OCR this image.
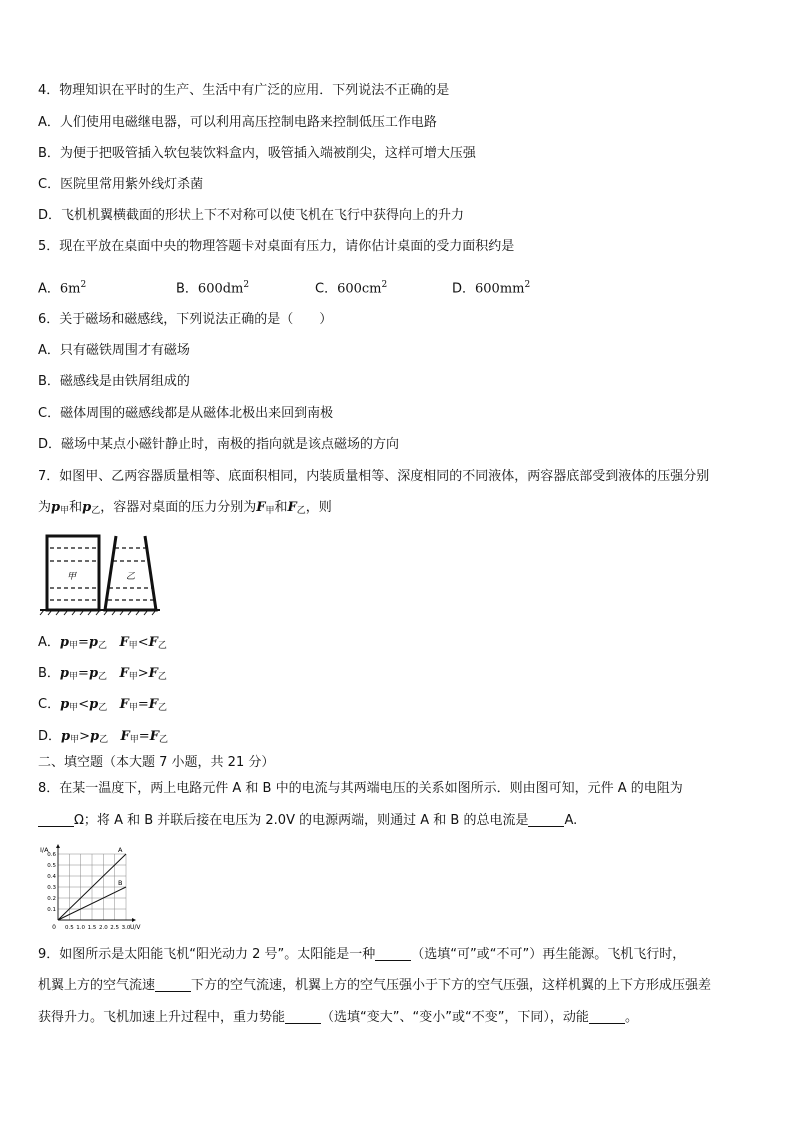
4．物理知识在平时的生产、生活中有广泛的应用．下列说法不正确的是
A．人们使用电磁继电器，可以利用高压控制电路来控制低压工作电路
B．为便于把吸管插入软包装饮料盒内，吸管插入端被削尖，这样可增大压强
C．医院里常用紫外线灯杀菌
D．飞机机翼横截面的形状上下不对称可以使飞机在飞行中获得向上的升力
5．现在平放在桌面中央的物理答题卡对桌面有压力，请你估计桌面的受力面积约是
A．$6m^2$	B．$600dm^2$	C．$600cm^2$	D．$600mm^2$
6．关于磁场和磁感线，下列说法正确的是（　　）
A．只有磁铁周围才有磁场
B．磁感线是由铁屑组成的
C．磁体周围的磁感线都是从磁体北极出来回到南极
D．磁场中某点小磁针静止时，南极的指向就是该点磁场的方向
7．如图甲、乙两容器质量相等、底面积相同，内装质量相等、深度相同的不同液体，两容器底部受到液体的压强分别
为$p_甲$和$p_乙$，容器对桌面的压力分别为$F_甲$和$F_乙$，则
甲	乙
A．$p_甲=p_乙$ $F_甲<F_乙$
B．$p_甲=p_乙$ $F_甲>F_乙$
C．$p_甲<p_乙$ $F_甲=F_乙$
D．$p_甲>p_乙$ $F_甲=F_乙$
二、填空题（本大题 7 小题，共 21 分）
8．在某一温度下，两上电路元件 A 和 B 中的电流与其两端电压的关系如图所示．则由图可知，元件 A 的电阻为
Ω；将 A 和 B 并联后接在电压为 2.0V 的电源两端，则通过 A 和 B 的总电流是	A.
A
B
0.5 1.0 1.5 2.0 2.5 3.0
0.1
0.2
0.3
0.4
0.5
0.6
0	U/V
I/A
9．如图所示是太阳能飞机“阳光动力 2 号”。太阳能是一种	（选填“可”或“不可”）再生能源。飞机飞行时，
机翼上方的空气流速	下方的空气流速，机翼上方的空气压强小于下方的空气压强，这样机翼的上下方形成压强差
获得升力。飞机加速上升过程中，重力势能	（选填“变大”、“变小”或“不变”，下同），动能	。
